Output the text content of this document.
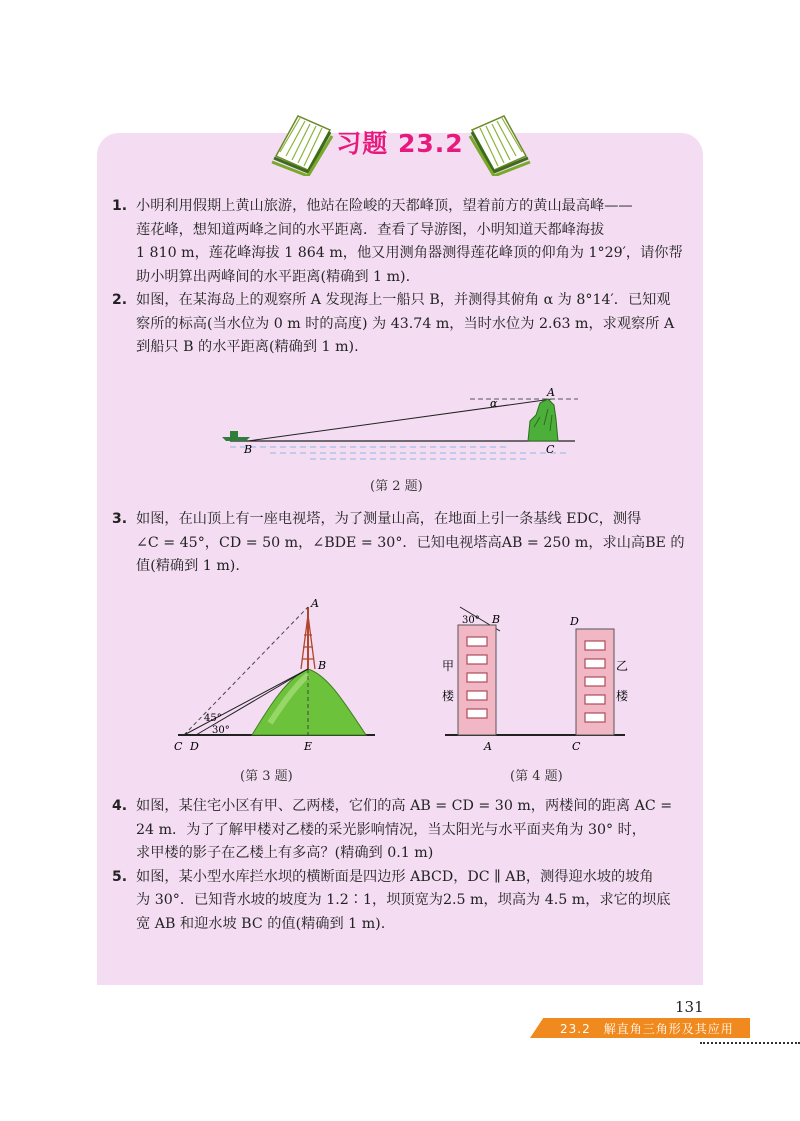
习题 23.2
1. 小明利用假期上黄山旅游，他站在险峻的天都峰顶，望着前方的黄山最高峰——

莲花峰，想知道两峰之间的水平距离．查看了导游图，小明知道天都峰海拔

1 810 m，莲花峰海拔 1 864 m，他又用测角器测得莲花峰顶的仰角为 1°29′，请你帮

助小明算出两峰间的水平距离(精确到 1 m).

2. 如图，在某海岛上的观察所 A 发现海上一船只 B，并测得其俯角 α 为 8°14′．已知观

察所的标高(当水位为 0 m 时的高度) 为 43.74 m，当时水位为 2.63 m，求观察所 A

到船只 B 的水平距离(精确到 1 m).

A
B	C
α
(第 2 题)
3. 如图，在山顶上有一座电视塔，为了测量山高，在地面上引一条基线 EDC，测得

∠C = 45°，CD = 50 m，∠BDE = 30°．已知电视塔高AB = 250 m，求山高BE 的

值(精确到 1 m).

A
B
C D	E
45°
30°
(第 3 题)
30° B	D
A	C
甲
楼
乙
楼
(第 4 题)
4. 如图，某住宅小区有甲、乙两楼，它们的高 AB = CD = 30 m，两楼间的距离 AC =

24 m．为了了解甲楼对乙楼的采光影响情况，当太阳光与水平面夹角为 30° 时，

求甲楼的影子在乙楼上有多高？(精确到 0.1 m)

5. 如图，某小型水库拦水坝的横断面是四边形 ABCD，DC ∥ AB，测得迎水坡的坡角

为 30°．已知背水坡的坡度为 1.2∶1，坝顶宽为2.5 m，坝高为 4.5 m，求它的坝底

宽 AB 和迎水坡 BC 的值(精确到 1 m).

131
23.2　解直角三角形及其应用
